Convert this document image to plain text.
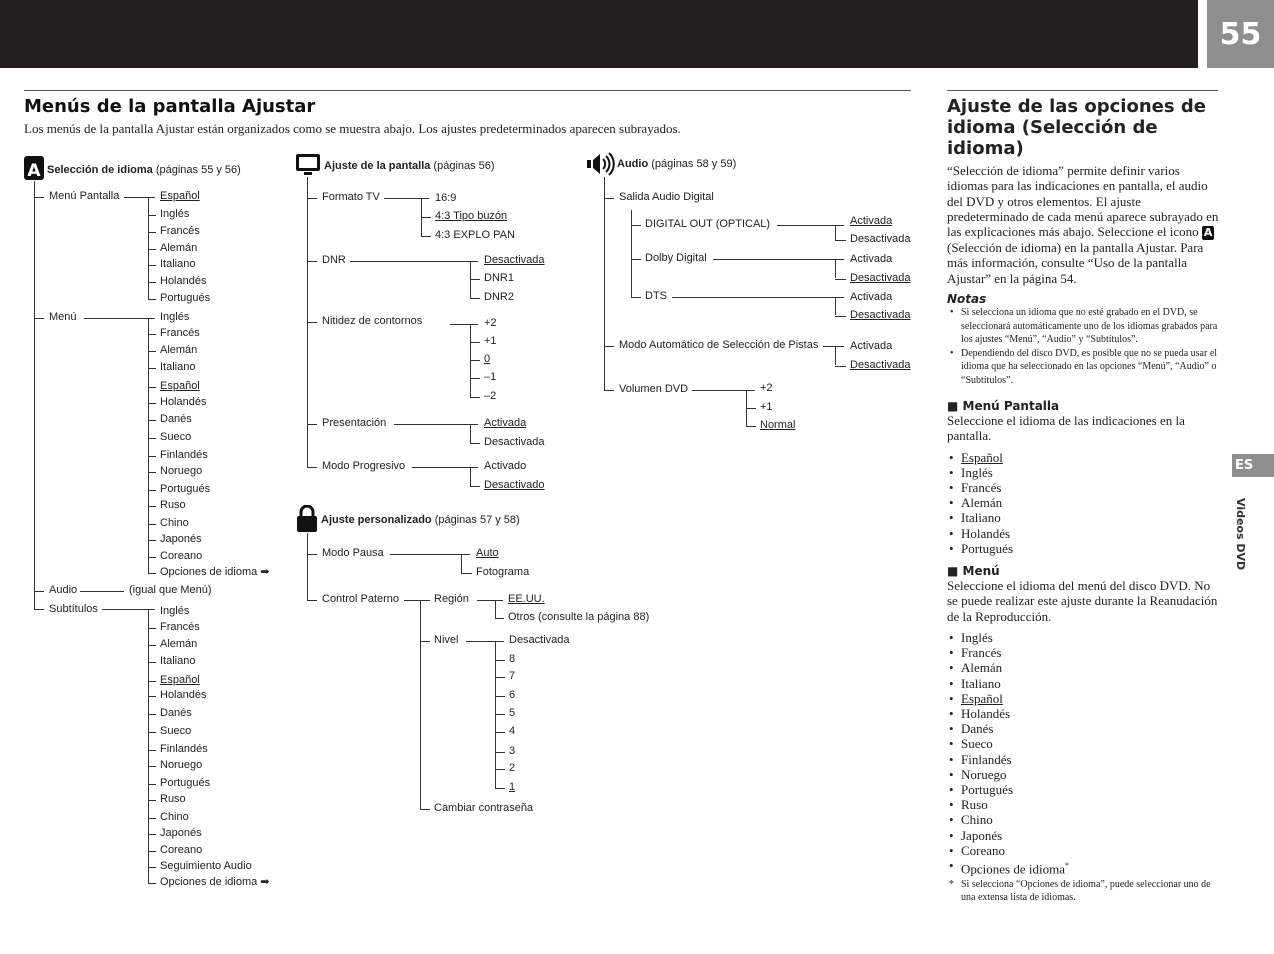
55
Menús de la pantalla Ajustar
Los menús de la pantalla Ajustar están organizados como se muestra abajo. Los ajustes predeterminados aparecen subrayados.
A Selección de idioma (páginas 55 y 56)
Menú Pantalla
Menú
Audio	(igual que Menú)
Subtítulos
Ajuste de la pantalla (páginas 56)
Formato TV
DNR
Nitidez de contornos
Presentación
Modo Progresivo
Ajuste personalizado (páginas 57 y 58)
Modo Pausa
Control Paterno	Región
Nivel
Cambiar contraseña
Audio (páginas 58 y 59)
Salida Audio Digital
DIGITAL OUT (OPTICAL)
Dolby Digital
DTS
Modo Automático de Selección de Pistas
Volumen DVD
Ajuste de las opciones de idioma (Selección de idioma)

“Selección de idioma” permite definir varios idiomas para las indicaciones en pantalla, el audio del DVD y otros elementos. El ajuste predeterminado de cada menú aparece subrayado en las explicaciones más abajo. Seleccione el icono A (Selección de idioma) en la pantalla Ajustar. Para más información, consulte “Uso de la pantalla Ajustar” en la página 54.

Notas
• Si selecciona un idioma que no esté grabado en el DVD, se seleccionará automáticamente uno de los idiomas grabados para los ajustes “Menú”, “Audio” y “Subtítulos”.
• Dependiendo del disco DVD, es posible que no se pueda usar el idioma que ha seleccionado en las opciones “Menú”, “Audio” o “Subtítulos”.
■ Menú Pantalla

Seleccione el idioma de las indicaciones en la pantalla.

• Español
• Inglés
• Francés
• Alemán
• Italiano
• Holandés
• Portugués
■ Menú

Seleccione el idioma del menú del disco DVD. No se puede realizar este ajuste durante la Reanudación de la Reproducción.

• Inglés
• Francés
• Alemán
• Italiano
• Español
• Holandés
• Danés
• Sueco
• Finlandés
• Noruego
• Portugués
• Ruso
• Chino
• Japonés
• Coreano
• Opciones de idioma*
* Si selecciona “Opciones de idioma”, puede seleccionar uno de una extensa lista de idiomas.
ES
Videos DVD
Español
Inglés
Francés
Alemán
Italiano
Holandés
Portugués
Inglés
Francés
Alemán
Italiano
Español
Holandés
Danés
Sueco
Finlandés
Noruego
Portugués
Ruso
Chino
Japonés
Coreano
Opciones de idioma ➡
Inglés
Francés
Alemán
Italiano
Español
Holandés
Danés
Sueco
Finlandés
Noruego
Portugués
Ruso
Chino
Japonés
Coreano
Seguimiento Audio
Opciones de idioma ➡
16:9
4:3 Tipo buzón
4:3 EXPLO PAN
Desactivada
DNR1
DNR2
+2
+1
0
–1
–2
Activada
Desactivada
Activado
Desactivado
Auto
Fotograma
EE.UU.
Otros (consulte la página 88)
Desactivada
8
7
6
5
4
3
2
1
Activada
Desactivada
Activada
Desactivada
Activada
Desactivada
Activada
Desactivada
+2
+1
Normal
